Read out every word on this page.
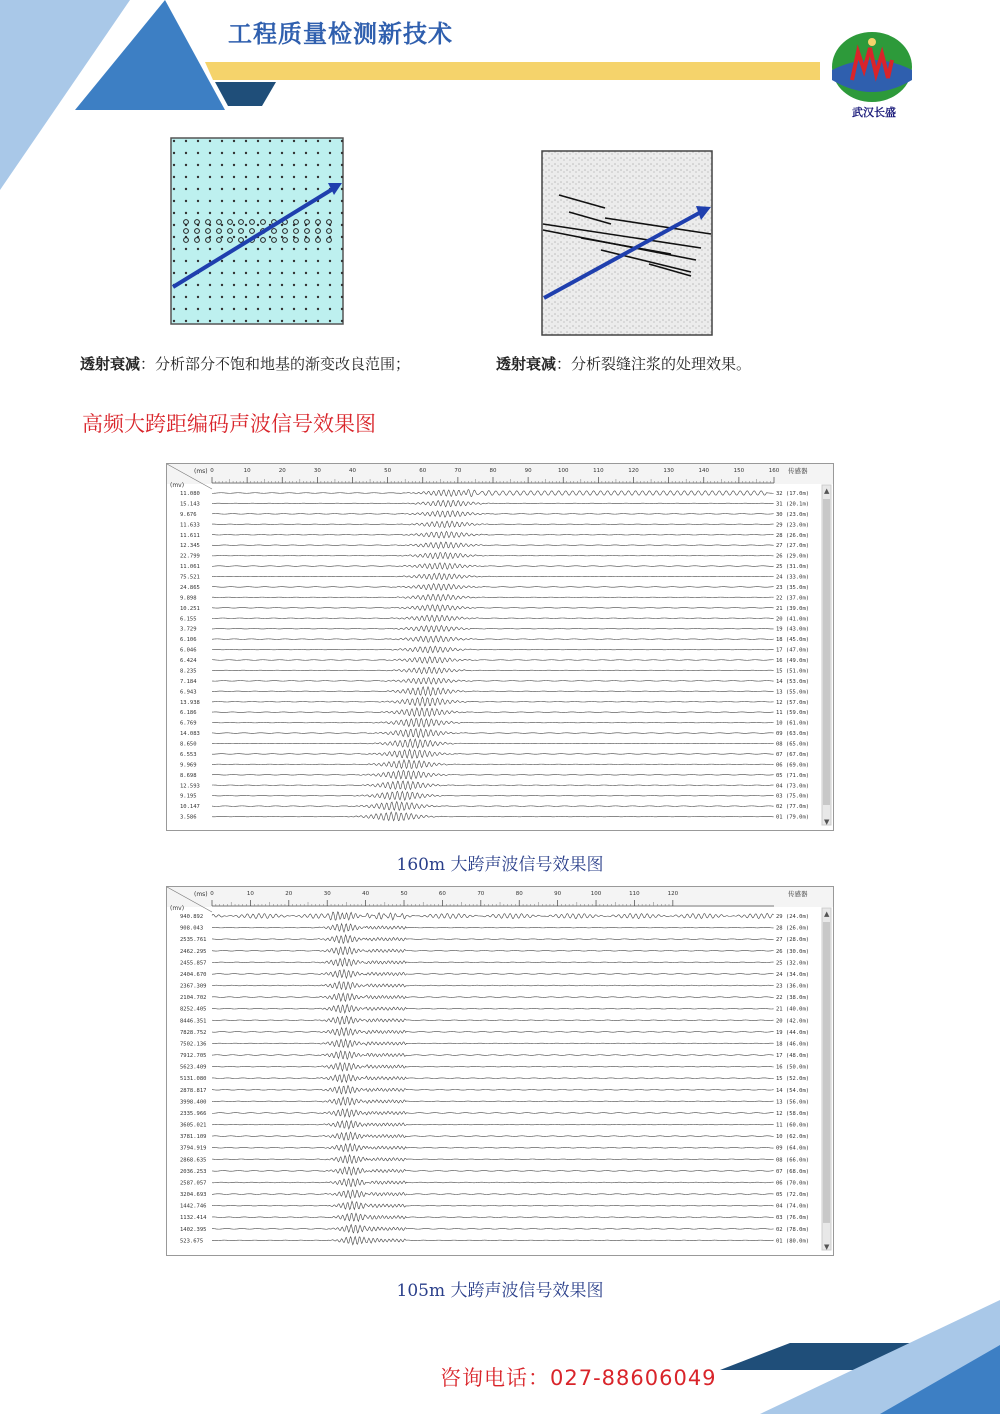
工程质量检测新技术
武汉长盛
透射衰减：分析部分不饱和地基的渐变改良范围；	透射衰减：分析裂缝注浆的处理效果。
高频大跨距编码声波信号效果图
(ms)
(mv)
传感器
0	10	20	30	40	50	60	70	80	90	100	110	120	130	140	150	160
▲
▼
11.080	32 (17.0m)
15.143	31 (20.1m)
9.676	30 (23.0m)
11.633	29 (23.0m)
11.611	28 (26.0m)
12.345	27 (27.0m)
22.799	26 (29.0m)
11.061	25 (31.0m)
75.521	24 (33.0m)
24.865	23 (35.0m)
9.898	22 (37.0m)
10.251	21 (39.0m)
6.155	20 (41.0m)
3.729	19 (43.0m)
6.106	18 (45.0m)
6.046	17 (47.0m)
6.424	16 (49.0m)
8.235	15 (51.0m)
7.184	14 (53.0m)
6.943	13 (55.0m)
13.938	12 (57.0m)
6.186	11 (59.0m)
6.769	10 (61.0m)
14.083	09 (63.0m)
8.650	08 (65.0m)
6.553	07 (67.0m)
9.969	06 (69.0m)
8.698	05 (71.0m)
12.593	04 (73.0m)
9.195	03 (75.0m)
10.147	02 (77.0m)
3.586	01 (79.0m)
160m 大跨声波信号效果图
(ms)
(mv)
传感器
0	10	20	30	40	50	60	70	80	90	100	110	120
▲
▼
940.892	29 (24.0m)
908.043	28 (26.0m)
2535.761	27 (28.0m)
2462.295	26 (30.0m)
2455.857	25 (32.0m)
2404.670	24 (34.0m)
2367.309	23 (36.0m)
2104.702	22 (38.0m)
8252.405	21 (40.0m)
8446.351	20 (42.0m)
7828.752	19 (44.0m)
7502.136	18 (46.0m)
7912.705	17 (48.0m)
5623.409	16 (50.0m)
5131.080	15 (52.0m)
2878.817	14 (54.0m)
3998.400	13 (56.0m)
2335.966	12 (58.0m)
3605.021	11 (60.0m)
3781.109	10 (62.0m)
3794.919	09 (64.0m)
2868.635	08 (66.0m)
2036.253	07 (68.0m)
2587.057	06 (70.0m)
3204.693	05 (72.0m)
1442.746	04 (74.0m)
1132.414	03 (76.0m)
1402.395	02 (78.0m)
523.675	01 (80.0m)
105m 大跨声波信号效果图
咨询电话：027-88606049
